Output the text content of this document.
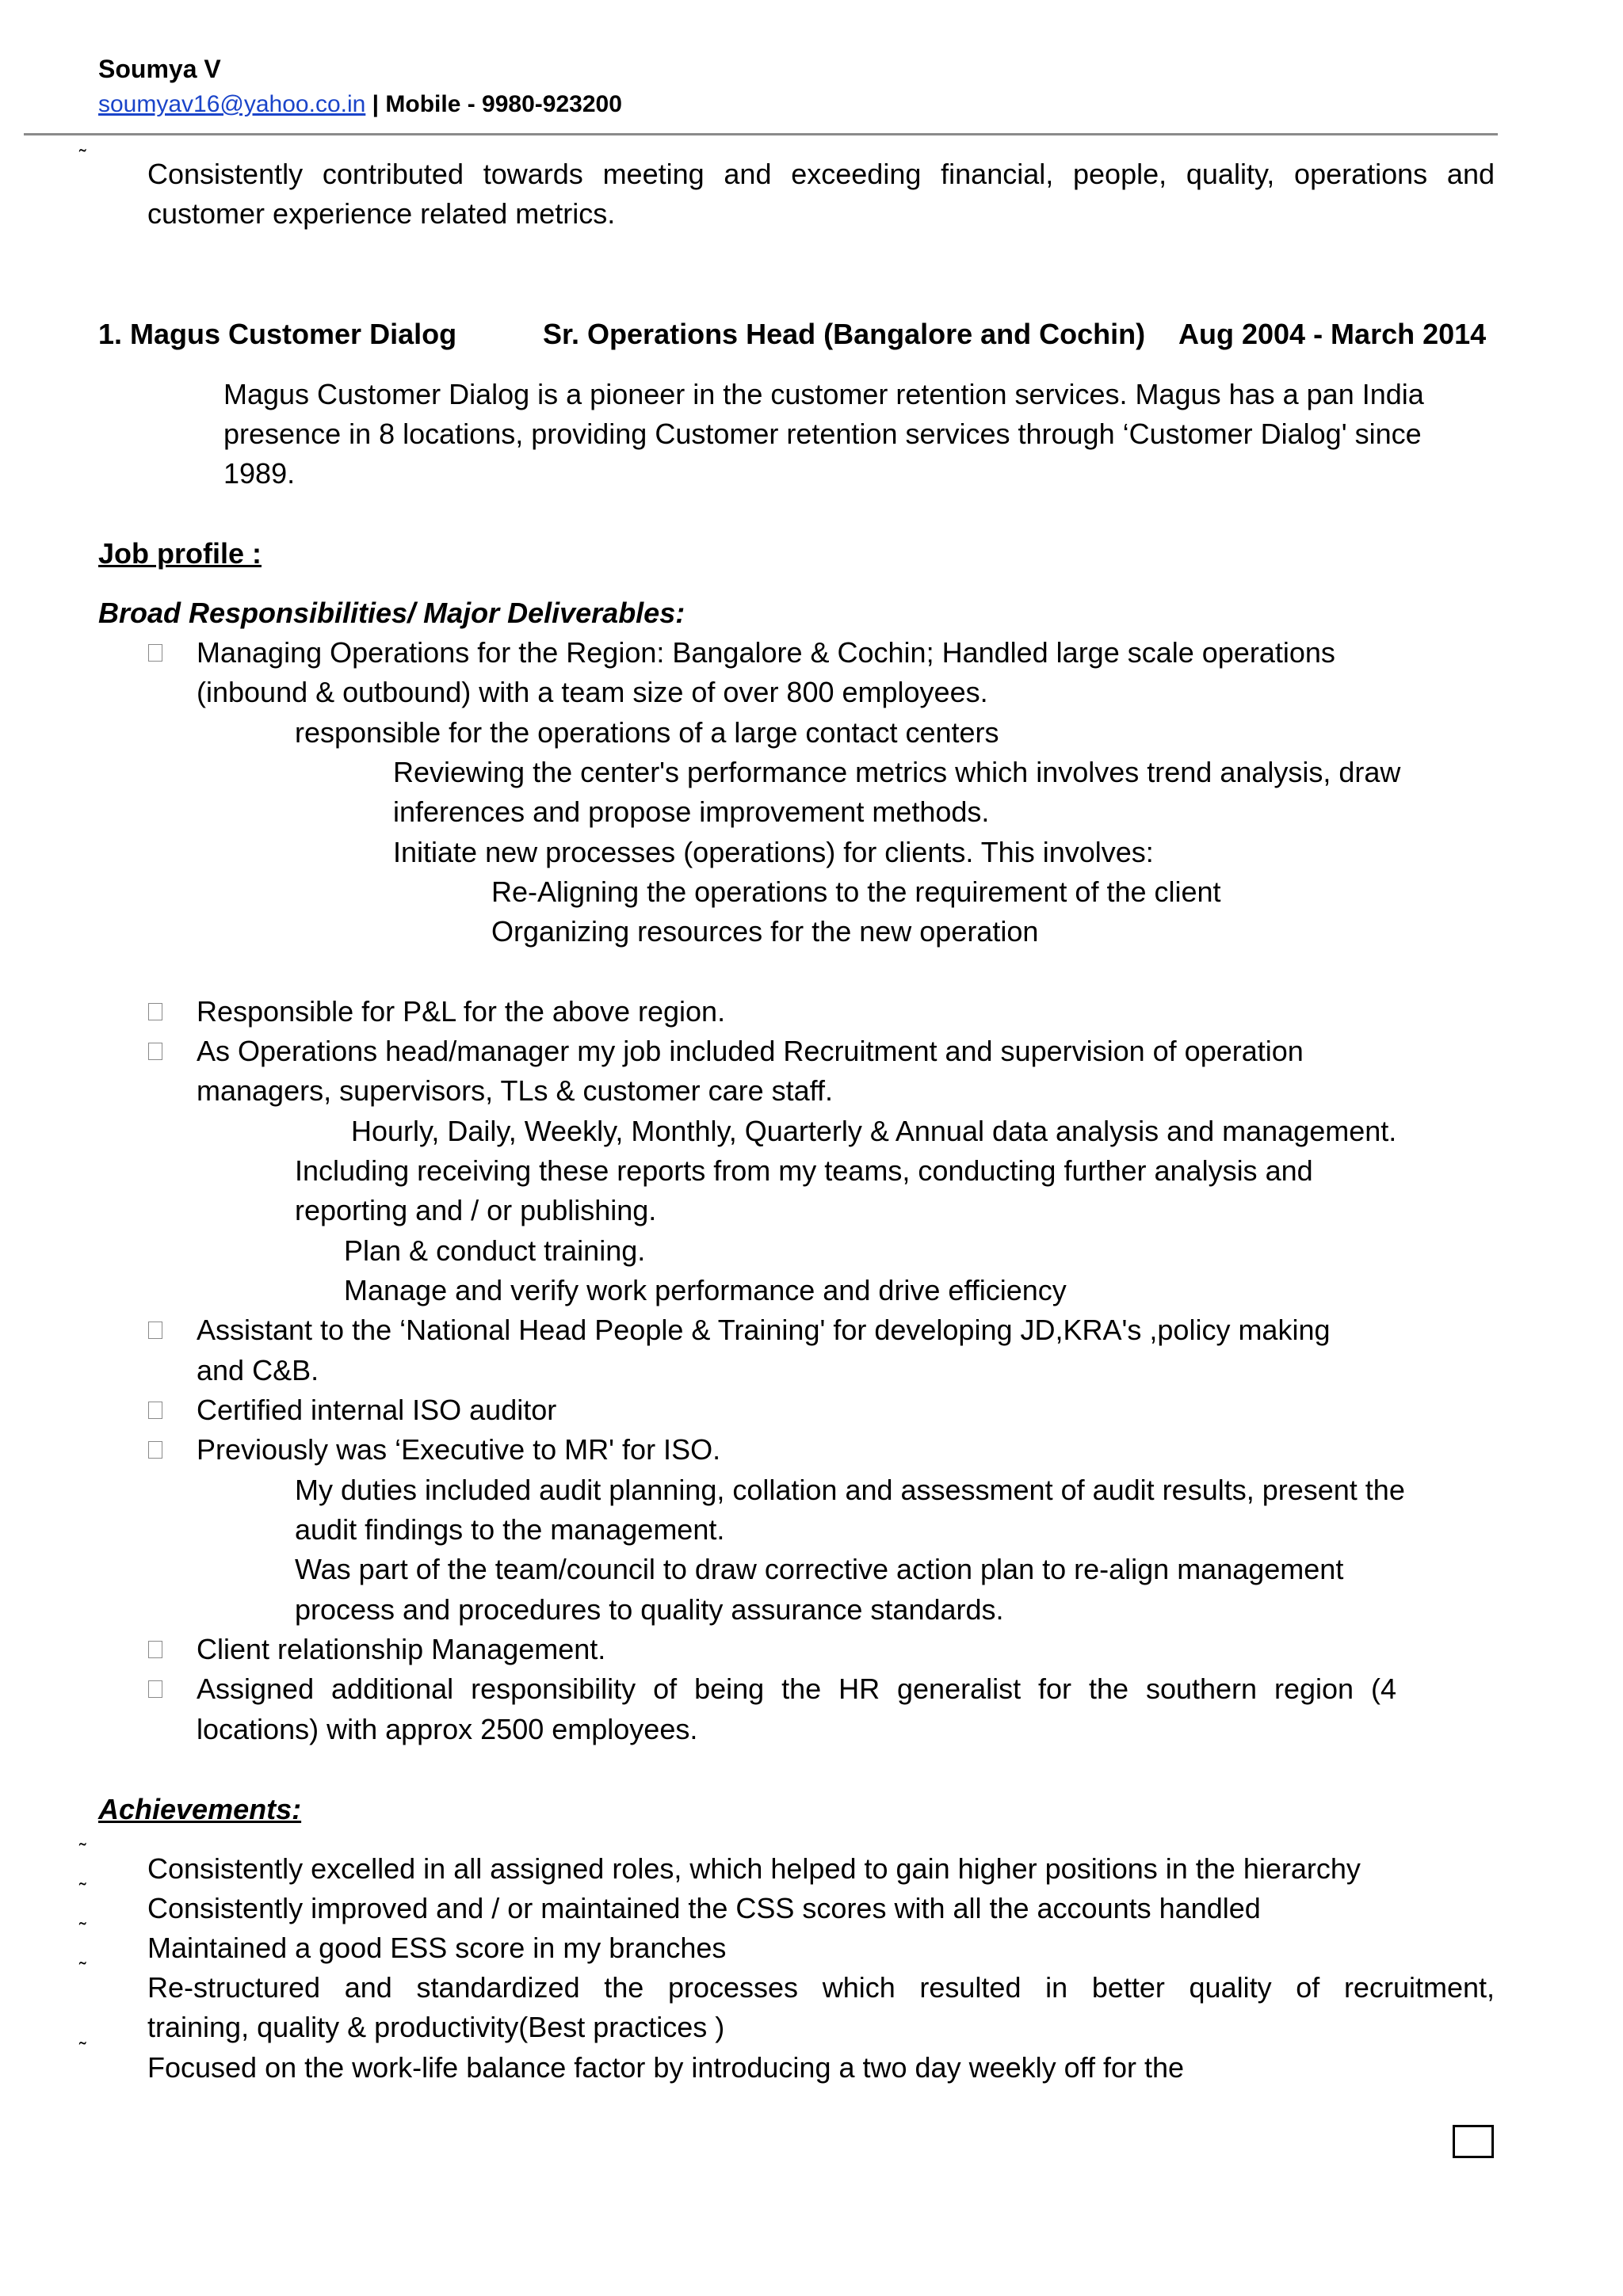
Soumya V
soumyav16@yahoo.co.in | Mobile - 9980-923200
˜
Consistently contributed towards meeting and exceeding financial, people, quality, operations and
customer experience related metrics.
1. Magus Customer Dialog	Sr. Operations Head (Bangalore and Cochin) Aug 2004 - March 2014
Magus Customer Dialog is a pioneer in the customer retention services. Magus has a pan India
presence in 8 locations, providing Customer retention services through ‘Customer Dialog' since
1989.
Job profile :
Broad Responsibilities/ Major Deliverables:
Managing Operations for the Region: Bangalore & Cochin; Handled large scale operations
(inbound & outbound) with a team size of over 800 employees.
responsible for the operations of a large contact centers
Reviewing the center's performance metrics which involves trend analysis, draw
inferences and propose improvement methods.
Initiate new processes (operations) for clients. This involves:
Re-Aligning the operations to the requirement of the client
Organizing resources for the new operation
Responsible for P&L for the above region.
As Operations head/manager my job included Recruitment and supervision of operation
managers, supervisors, TLs & customer care staff.
Hourly, Daily, Weekly, Monthly, Quarterly & Annual data analysis and management.
Including receiving these reports from my teams, conducting further analysis and
reporting and / or publishing.
Plan & conduct training.
Manage and verify work performance and drive efficiency
Assistant to the ‘National Head People & Training' for developing JD,KRA's ,policy making
and C&B.
Certified internal ISO auditor
Previously was ‘Executive to MR' for ISO.
My duties included audit planning, collation and assessment of audit results, present the
audit findings to the management.
Was part of the team/council to draw corrective action plan to re-align management
process and procedures to quality assurance standards.
Client relationship Management.
Assigned additional responsibility of being the HR generalist for the southern region (4
locations) with approx 2500 employees.
Achievements:
˜
Consistently excelled in all assigned roles, which helped to gain higher positions in the hierarchy
˜
Consistently improved and / or maintained the CSS scores with all the accounts handled
˜
Maintained a good ESS score in my branches
˜
Re-structured and standardized the processes which resulted in better quality of recruitment,
training, quality & productivity(Best practices )
˜
Focused on the work-life balance factor by introducing a two day weekly off for the
